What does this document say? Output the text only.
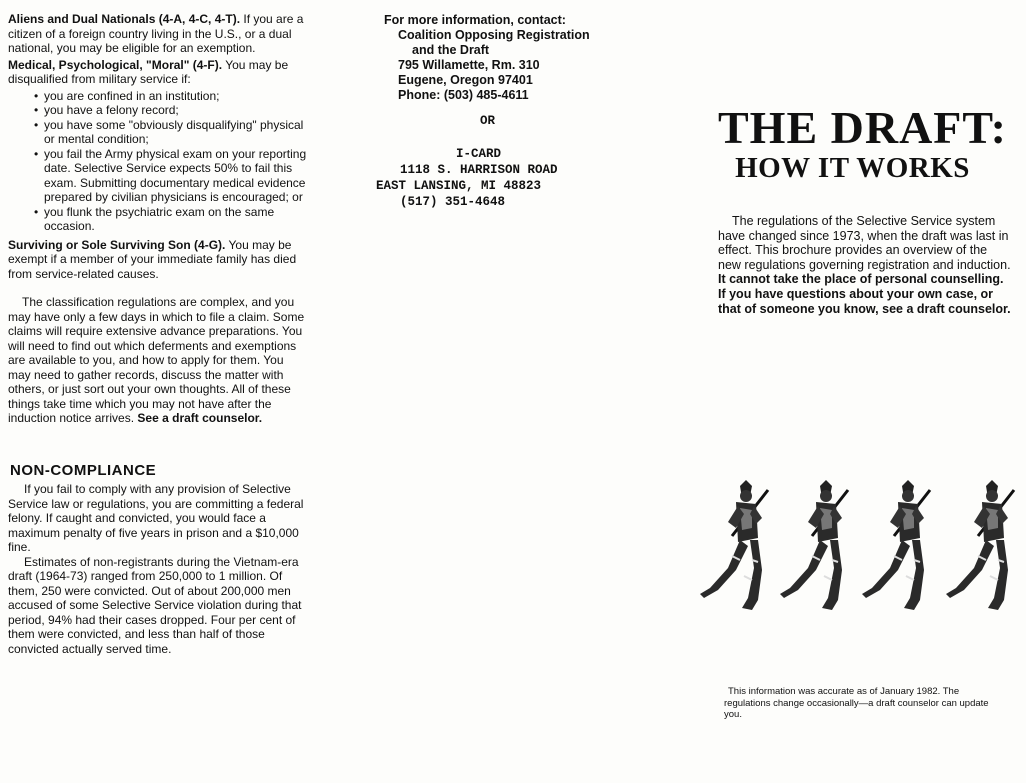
Aliens and Dual Nationals (4-A, 4-C, 4-T). If you are a citizen of a foreign country living in the U.S., or a dual national, you may be eligible for an exemption.

Medical, Psychological, "Moral" (4-F). You may be disqualified from military service if:

• you are confined in an institution;
• you have a felony record;
• you have some "obviously disqualifying" physical or mental condition;
• you fail the Army physical exam on your reporting date. Selective Service expects 50% to fail this exam. Submitting documentary medical evidence prepared by civilian physicians is encouraged; or
• you flunk the psychiatric exam on the same occasion.

Surviving or Sole Surviving Son (4-G). You may be exempt if a member of your immediate family has died from service-related causes.

The classification regulations are complex, and you may have only a few days in which to file a claim. Some claims will require extensive advance preparations. You will need to find out which deferments and exemptions are available to you, and how to apply for them. You may need to gather records, discuss the matter with others, or just sort out your own thoughts. All of these things take time which you may not have after the induction notice arrives. See a draft counselor.

NON-COMPLIANCE

If you fail to comply with any provision of Selective Service law or regulations, you are committing a federal felony. If caught and convicted, you would face a maximum penalty of five years in prison and a $10,000 fine.

Estimates of non-registrants during the Vietnam-era draft (1964-73) ranged from 250,000 to 1 million. Of them, 250 were convicted. Out of about 200,000 men accused of some Selective Service violation during that period, 94% had their cases dropped. Four per cent of them were convicted, and less than half of those convicted actually served time.

For more information, contact:
Coalition Opposing Registration
and the Draft
795 Willamette, Rm. 310
Eugene, Oregon 97401
Phone: (503) 485-4611
OR
I-CARD
1118 S. HARRISON ROAD
EAST LANSING, MI 48823
(517) 351-4648
THE DRAFT:
HOW IT WORKS

The regulations of the Selective Service system have changed since 1973, when the draft was last in effect. This brochure provides an overview of the new regulations governing registration and induction. It cannot take the place of personal counselling. If you have questions about your own case, or that of someone you know, see a draft counselor.

This information was accurate as of January 1982. The regulations change occasionally—a draft counselor can update you.
